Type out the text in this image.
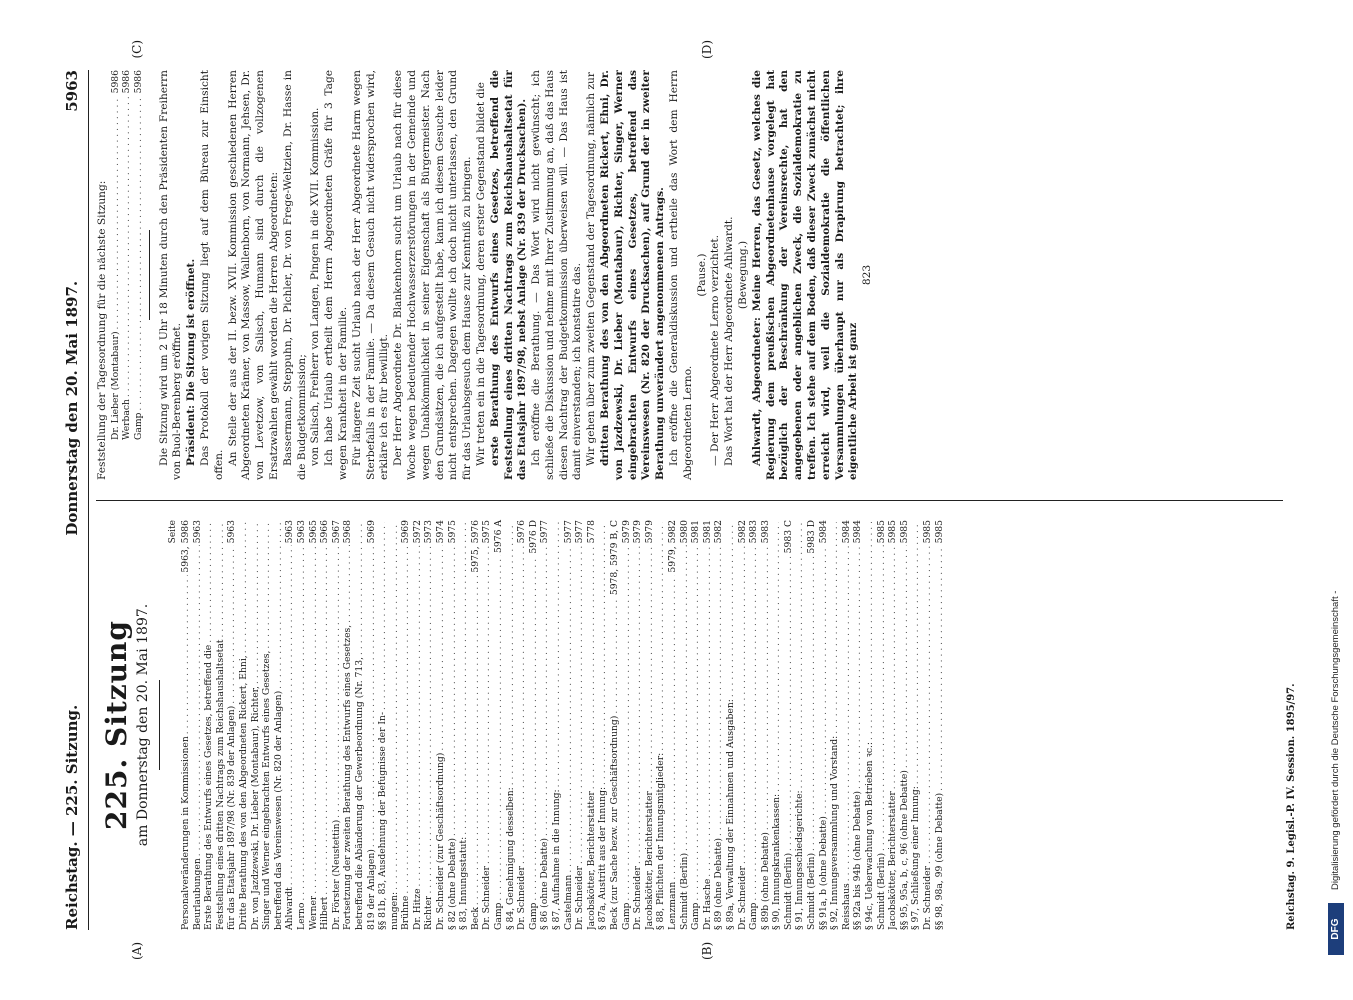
Reichstag. — 225. Sitzung.
Donnerstag den 20. Mai 1897.
5963
(A)	(B)
(C)	(D)
225. Sitzung am Donnerstag den 20. Mai 1897.
Seite
Personalveränderungen in Kommissionen
. . .
5963, 5986
Beurlaubungen
. . .
5963
Erste Berathung des Entwurfs eines Gesetzes, betreffend die
. . . Feststellung eines dritten Nachtrags zum Reichshaushaltsetat
. . . für das Etatsjahr 1897/98 (Nr. 839 der Anlagen)
. . .
5963
Dritte Berathung des von den Abgeordneten Rickert, Ehni,
. . . Dr. von Jazdzewski, Dr. Lieber (Montabaur), Richter,
. . . Singer und Werner eingebrachten Entwurfs eines Gesetzes,
. . . betreffend das Vereinswesen (Nr. 820 der Anlagen)
. . . Ahlwardt
. . .
5963
Lerno
. . .
5963
Werner
. . .
5965
Hilbert
. . .
5966
Dr. Förster (Neustettin)
. . .
5967
Fortsetzung der zweiten Berathung des Entwurfs eines Gesetzes,
. . .
5968
betreffend die Abänderung der Gewerbeordnung (Nr. 713,
. . . 819 der Anlagen)
. . .
5969
§§ 81b, 83, Ausdehnung der Befugnisse der In-
. . . nungen:
. . . Brühne
. . .
5969
Dr. Hitze
. . .
5972
Richter
. . .
5973
Dr. Schneider (zur Geschäftsordnung)
. . .
5974
§ 82 (ohne Debatte)
. . .
5975
§ 83, Innungsstatut:
. . . Beck
. . .
5975, 5976
Dr. Schneider
. . .
5975
Gamp
. . .
5976 A
§ 84, Genehmigung desselben:
. . . Dr. Schneider
. . .
5976
Gamp
. . .
5976 D
§ 86 (ohne Debatte)
. . .
5977
§ 87, Aufnahme in die Innung:
. . . Castelmann
. . .
5977
Dr. Schneider
. . .
5977
Jacobskötter, Berichterstatter
. . .
5778
§ 87a, Austritt aus der Innung:
. . . Beck (zur Sache bezw. zur Geschäftsordnung)
. . .
5978, 5979 B, C
Gamp
. . .
5979
Dr. Schneider
. . .
5979
Jacobskötter, Berichterstatter
. . .
5979
§ 88, Pflichten der Innungsmitglieder:
. . . Lenzmann
. . .
5979, 5982
Schmidt (Berlin)
. . .
5980
Gamp
. . .
5981
Dr. Hasche
. . .
5981
§ 89 (ohne Debatte)
. . .
5982
§ 89a, Verwaltung der Einnahmen und Ausgaben:
. . . Dr. Schneider
. . .
5982
Gamp
. . .
5983
§ 89b (ohne Debatte)
. . .
5983
§ 90, Innungskrankenkassen:
. . . Schmidt (Berlin)
. . .
5983 C
§ 91, Innungsschiedsgerichte:
. . . Schmidt (Berlin)
. . .
5983 D
§§ 91a, b (ohne Debatte)
. . .
5984
§ 92, Innungsversammlung und Vorstand:
. . . Reisshaus
. . .
5984
§§ 92a bis 94b (ohne Debatte)
. . .
5984
§ 94c, Ueberwachung von Betrieben ꝛc.:
. . . Schmidt (Berlin)
. . .
5985
Jacobskötter, Berichterstatter
. . .
5985
§§ 95, 95a, b, c, 96 (ohne Debatte)
. . .
5985
§ 97, Schließung einer Innung:
. . . Dr. Schneider
. . .
5985
§§ 98, 98a, 99 (ohne Debatte)
. . .
5985

Feststellung der Tagesordnung für die nächste Sitzung: Dr. Lieber (Montabaur)
. . .
5986
Werbach
. . .
5986
Gamp
. . .
5986 Die Sitzung wird um 2 Uhr 18 Minuten durch den Präsidenten Freiherrn von Buol-Berenberg eröffnet. Präsident: Die Sitzung ist eröffnet. Das Protokoll der vorigen Sitzung liegt auf dem Büreau zur Einsicht offen. An Stelle der aus der II. bezw. XVII. Kommission geschiedenen Herren Abgeordneten Krämer, von Massow, Wallenborn, von Normann, Jehsen, Dr. von Levetzow, von Salisch, Humann sind durch die vollzogenen Ersatzwahlen gewählt worden die Herren Abgeordneten: Bassermann, Steppuhn, Dr. Pichler, Dr. von Frege-Weltzien, Dr. Hasse in die Budgetkommission; von Salisch, Freiherr von Langen, Pingen in die XVII. Kommission. Ich habe Urlaub ertheilt dem Herrn Abgeordneten Gräfe für 3 Tage wegen Krankheit in der Familie. Für längere Zeit sucht Urlaub nach der Herr Abgeordnete Harm wegen Sterbefalls in der Familie. — Da diesem Gesuch nicht widersprochen wird, erkläre ich es für bewilligt. Der Herr Abgeordnete Dr. Blankenhorn sucht um Urlaub nach für diese Woche wegen bedeutender Hochwasserzerstörungen in der Gemeinde und wegen Unabkömmlichkeit in seiner Eigenschaft als Bürgermeister. Nach den Grundsätzen, die ich aufgestellt habe, kann ich diesem Gesuche leider nicht entsprechen. Dagegen wollte ich doch nicht unterlassen, den Grund für das Urlaubsgesuch dem Hause zur Kenntniß zu bringen. Wir treten ein in die Tagesordnung, deren erster Gegenstand bildet die erste Berathung des Entwurfs eines Gesetzes, betreffend die Feststellung eines dritten Nachtrags zum Reichshaushaltsetat für das Etatsjahr 1897/98, nebst Anlage (Nr. 839 der Drucksachen). Ich eröffne die Berathung. — Das Wort wird nicht gewünscht; ich schließe die Diskussion und nehme mit Ihrer Zustimmung an, daß das Haus diesen Nachtrag der Budgetkommission überweisen will. — Das Haus ist damit einverstanden; ich konstatire das. Wir gehen über zum zweiten Gegenstand der Tagesordnung, nämlich zur dritten Berathung des von den Abgeordneten Rickert, Ehni, Dr. von Jazdzewski, Dr. Lieber (Montabaur), Richter, Singer, Werner eingebrachten Entwurfs eines Gesetzes, betreffend das Vereinswesen (Nr. 820 der Drucksachen), auf Grund der in zweiter Berathung unverändert angenommenen Antrags. Ich eröffne die Generaldiskussion und ertheile das Wort dem Herrn Abgeordneten Lerno.

(Pause.) — Der Herr Abgeordnete Lerno verzichtet. Das Wort hat der Herr Abgeordnete Ahlwardt. (Bewegung.) Ahlwardt, Abgeordneter: Meine Herren, das Gesetz, welches die Regierung dem preußischen Abgeordnetenhause vorgelegt hat bezüglich der Beschränkung der Vereinsrechte, hat den angegebenen oder angeblichen Zweck, die Sozialdemokratie zu treffen. Ich stehe auf dem Boden, daß dieser Zweck zunächst nicht erreicht wird, weil die Sozialdemokratie die öffentlichen Versammlungen überhaupt nur als Drapirung betrachtet; ihre eigentliche Arbeit ist ganz

823
Reichstag. 9. Legisl.-P. IV. Session. 1895/97.	DFG
Digitalisierung gefördert durch die Deutsche Forschungsgemeinschaft -
